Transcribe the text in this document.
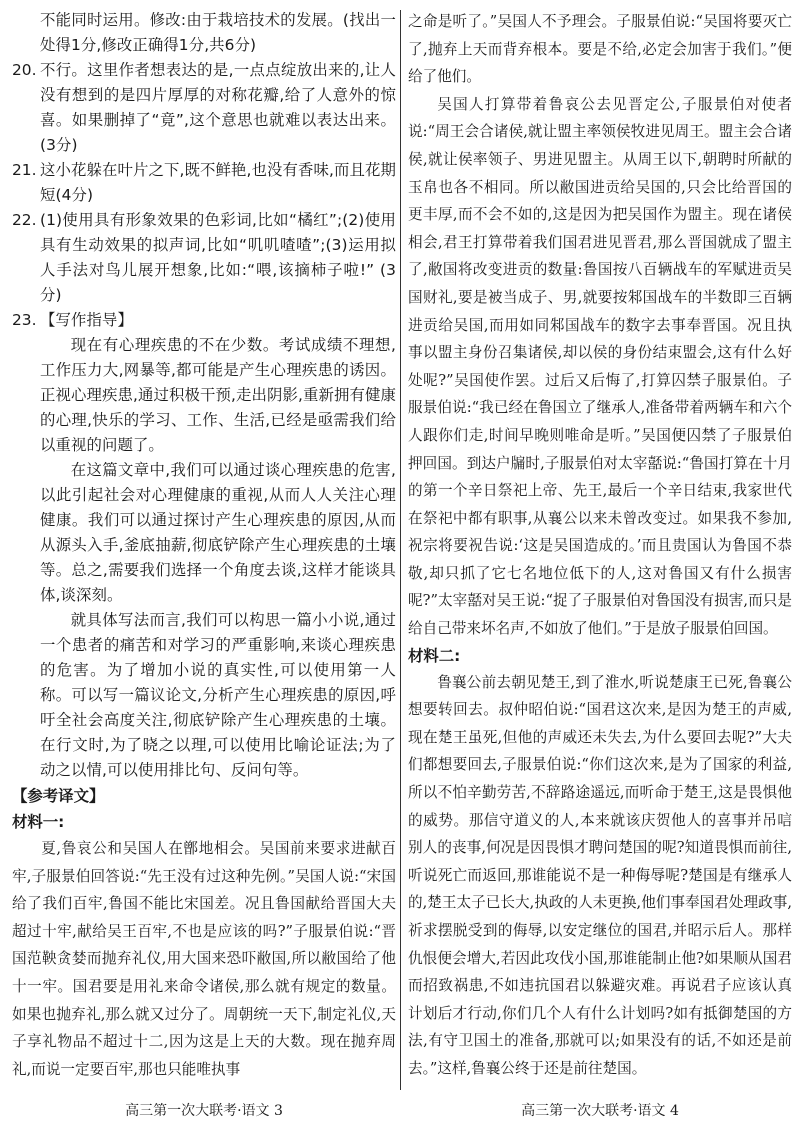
不能同时运用。修改:由于栽培技术的发展。(找出一处得1分,修改正确得1分,共6分)

20. 不行。这里作者想表达的是,一点点绽放出来的,让人没有想到的是四片厚厚的对称花瓣,给了人意外的惊喜。如果删掉了“竟”,这个意思也就难以表达出来。(3分)

21. 这小花躲在叶片之下,既不鲜艳,也没有香味,而且花期短(4分)

22. (1)使用具有形象效果的色彩词,比如“橘红”;(2)使用具有生动效果的拟声词,比如“叽叽喳喳”;(3)运用拟人手法对鸟儿展开想象,比如:“喂,该摘柿子啦!” (3分)

23. 【写作指导】

现在有心理疾患的不在少数。考试成绩不理想,工作压力大,网暴等,都可能是产生心理疾患的诱因。正视心理疾患,通过积极干预,走出阴影,重新拥有健康的心理,快乐的学习、工作、生活,已经是亟需我们给以重视的问题了。

在这篇文章中,我们可以通过谈心理疾患的危害,以此引起社会对心理健康的重视,从而人人关注心理健康。我们可以通过探讨产生心理疾患的原因,从而从源头入手,釜底抽薪,彻底铲除产生心理疾患的土壤等。总之,需要我们选择一个角度去谈,这样才能谈具体,谈深刻。

就具体写法而言,我们可以构思一篇小小说,通过一个患者的痛苦和对学习的严重影响,来谈心理疾患的危害。为了增加小说的真实性,可以使用第一人称。可以写一篇议论文,分析产生心理疾患的原因,呼吁全社会高度关注,彻底铲除产生心理疾患的土壤。在行文时,为了晓之以理,可以使用比喻论证法;为了动之以情,可以使用排比句、反问句等。

【参考译文】

材料一:

夏,鲁哀公和吴国人在鄫地相会。吴国前来要求进献百牢,子服景伯回答说:“先王没有过这种先例。”吴国人说:“宋国给了我们百牢,鲁国不能比宋国差。况且鲁国献给晋国大夫超过十牢,献给吴王百牢,不也是应该的吗?”子服景伯说:“晋国范鞅贪婪而抛弃礼仪,用大国来恐吓敝国,所以敝国给了他十一牢。国君要是用礼来命令诸侯,那么就有规定的数量。如果也抛弃礼,那么就又过分了。周朝统一天下,制定礼仪,天子享礼物品不超过十二,因为这是上天的大数。现在抛弃周礼,而说一定要百牢,那也只能唯执事

之命是听了。”吴国人不予理会。子服景伯说:“吴国将要灭亡了,抛弃上天而背弃根本。要是不给,必定会加害于我们。”便给了他们。

吴国人打算带着鲁哀公去见晋定公,子服景伯对使者说:“周王会合诸侯,就让盟主率领侯牧进见周王。盟主会合诸侯,就让侯率领子、男进见盟主。从周王以下,朝聘时所献的玉帛也各不相同。所以敝国进贡给吴国的,只会比给晋国的更丰厚,而不会不如的,这是因为把吴国作为盟主。现在诸侯相会,君王打算带着我们国君进见晋君,那么晋国就成了盟主了,敝国将改变进贡的数量:鲁国按八百辆战车的军赋进贡吴国财礼,要是被当成子、男,就要按邾国战车的半数即三百辆进贡给吴国,而用如同邾国战车的数字去事奉晋国。况且执事以盟主身份召集诸侯,却以侯的身份结束盟会,这有什么好处呢?”吴国使作罢。过后又后悔了,打算囚禁子服景伯。子服景伯说:“我已经在鲁国立了继承人,准备带着两辆车和六个人跟你们走,时间早晚则唯命是听。”吴国便囚禁了子服景伯押回国。到达户牖时,子服景伯对太宰嚭说:“鲁国打算在十月的第一个辛日祭祀上帝、先王,最后一个辛日结束,我家世代在祭祀中都有职事,从襄公以来未曾改变过。如果我不参加,祝宗将要祝告说:‘这是吴国造成的。’而且贵国认为鲁国不恭敬,却只抓了它七名地位低下的人,这对鲁国又有什么损害呢?”太宰嚭对吴王说:“捉了子服景伯对鲁国没有损害,而只是给自己带来坏名声,不如放了他们。”于是放子服景伯回国。

材料二:

鲁襄公前去朝见楚王,到了淮水,听说楚康王已死,鲁襄公想要转回去。叔仲昭伯说:“国君这次来,是因为楚王的声威,现在楚王虽死,但他的声威还未失去,为什么要回去呢?”大夫们都想要回去,子服景伯说:“你们这次来,是为了国家的利益,所以不怕辛勤劳苦,不辞路途遥远,而听命于楚王,这是畏惧他的威势。那信守道义的人,本来就该庆贺他人的喜事并吊唁别人的丧事,何况是因畏惧才聘问楚国的呢?知道畏惧而前往,听说死亡而返回,那谁能说不是一种侮辱呢?楚国是有继承人的,楚王太子已长大,执政的人未更换,他们事奉国君处理政事,祈求摆脱受到的侮辱,以安定继位的国君,并昭示后人。那样仇恨便会增大,若因此攻伐小国,那谁能制止他?如果顺从国君而招致祸患,不如违抗国君以躲避灾难。再说君子应该认真计划后才行动,你们几个人有什么计划吗?如有抵御楚国的方法,有守卫国土的准备,那就可以;如果没有的话,不如还是前去。”这样,鲁襄公终于还是前往楚国。

高三第一次大联考·语文 3	高三第一次大联考·语文 4
